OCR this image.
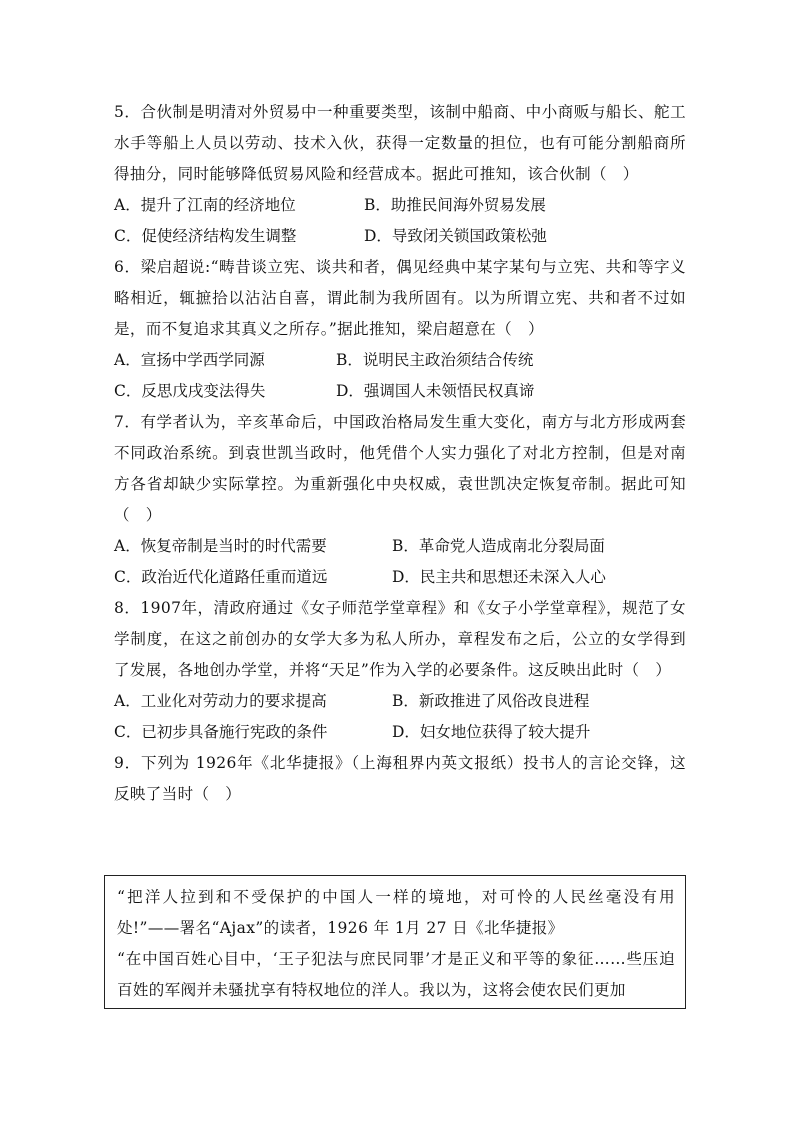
5．合伙制是明清对外贸易中一种重要类型，该制中船商、中小商贩与船长、舵工水手等船上人员以劳动、技术入伙，获得一定数量的担位，也有可能分割船商所得抽分，同时能够降低贸易风险和经营成本。据此可推知，该合伙制（　）

A．提升了江南的经济地位	B．助推民间海外贸易发展
C．促使经济结构发生调整	D．导致闭关锁国政策松弛

6．梁启超说:“畴昔谈立宪、谈共和者，偶见经典中某字某句与立宪、共和等字义略相近，辄摭拾以沾沾自喜，谓此制为我所固有。以为所谓立宪、共和者不过如是，而不复追求其真义之所存。”据此推知，梁启超意在（　）

A．宣扬中学西学同源	B．说明民主政治须结合传统
C．反思戊戌变法得失	D．强调国人未领悟民权真谛

7．有学者认为，辛亥革命后，中国政治格局发生重大变化，南方与北方形成两套不同政治系统。到袁世凯当政时，他凭借个人实力强化了对北方控制，但是对南方各省却缺少实际掌控。为重新强化中央权威，袁世凯决定恢复帝制。据此可知（　）

A．恢复帝制是当时的时代需要	B．革命党人造成南北分裂局面
C．政治近代化道路任重而道远	D．民主共和思想还未深入人心

8．1907年，清政府通过《女子师范学堂章程》和《女子小学堂章程》，规范了女学制度，在这之前创办的女学大多为私人所办，章程发布之后，公立的女学得到了发展，各地创办学堂，并将“天足”作为入学的必要条件。这反映出此时（　）

A．工业化对劳动力的要求提高	B．新政推进了风俗改良进程
C．已初步具备施行宪政的条件	D．妇女地位获得了较大提升

9．下列为 1926年《北华捷报》（上海租界内英文报纸）投书人的言论交锋，这反映了当时（　）

“把洋人拉到和不受保护的中国人一样的境地，对可怜的人民丝毫没有用处!”——署名“Ajax”的读者，1926 年 1月 27 日《北华捷报》

“在中国百姓心目中，‘王子犯法与庶民同罪’才是正义和平等的象征……些压迫百姓的军阀并未骚扰享有特权地位的洋人。我以为，这将会使农民们更加
